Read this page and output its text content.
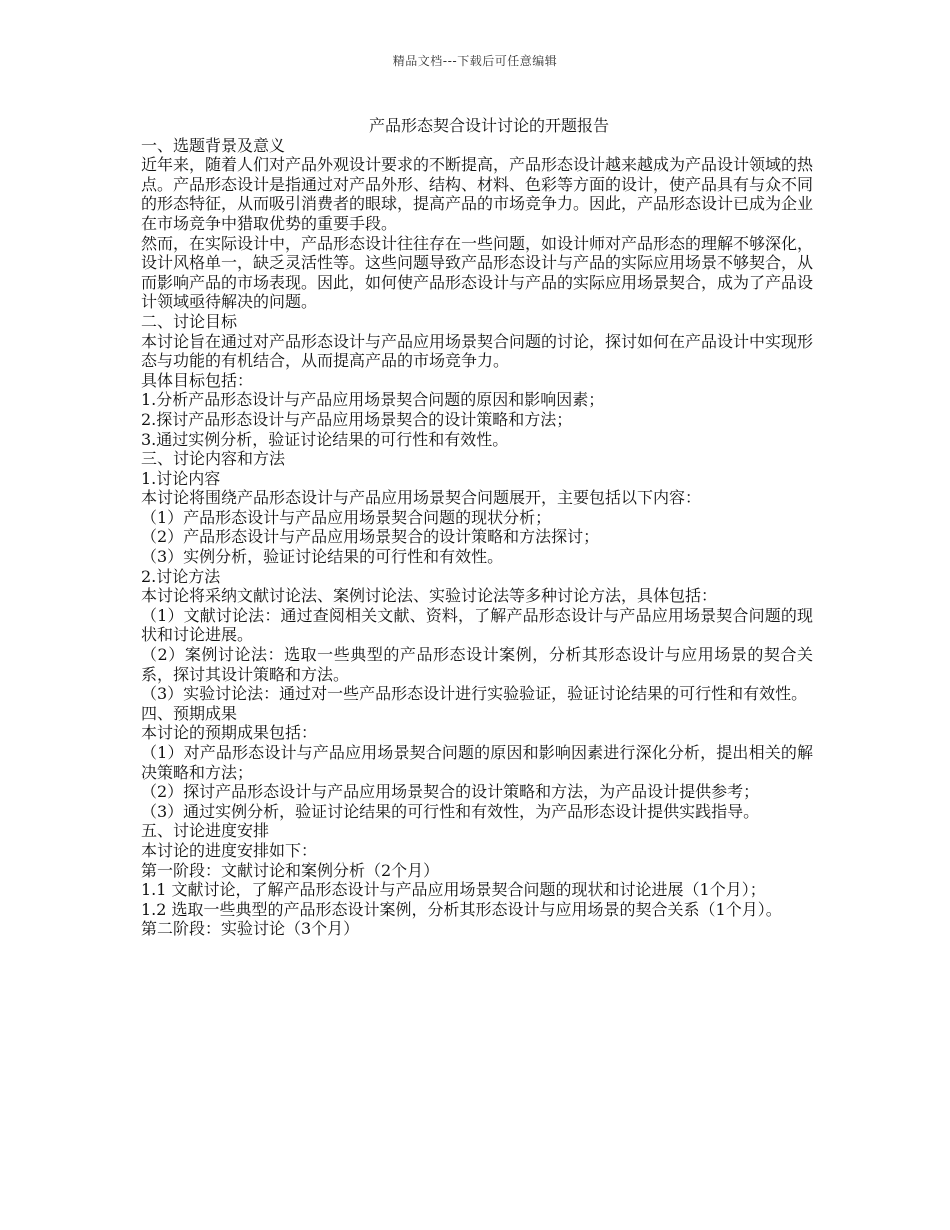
精品文档---下载后可任意编辑
产品形态契合设计讨论的开题报告

一、选题背景及意义

近年来，随着人们对产品外观设计要求的不断提高，产品形态设计越来越成为产品设计领域的热点。产品形态设计是指通过对产品外形、结构、材料、色彩等方面的设计，使产品具有与众不同的形态特征，从而吸引消费者的眼球，提高产品的市场竞争力。因此，产品形态设计已成为企业在市场竞争中猎取优势的重要手段。

然而，在实际设计中，产品形态设计往往存在一些问题，如设计师对产品形态的理解不够深化，设计风格单一，缺乏灵活性等。这些问题导致产品形态设计与产品的实际应用场景不够契合，从而影响产品的市场表现。因此，如何使产品形态设计与产品的实际应用场景契合，成为了产品设计领域亟待解决的问题。

二、讨论目标

本讨论旨在通过对产品形态设计与产品应用场景契合问题的讨论，探讨如何在产品设计中实现形态与功能的有机结合，从而提高产品的市场竞争力。

具体目标包括：

1.分析产品形态设计与产品应用场景契合问题的原因和影响因素；

2.探讨产品形态设计与产品应用场景契合的设计策略和方法；

3.通过实例分析，验证讨论结果的可行性和有效性。

三、讨论内容和方法

1.讨论内容

本讨论将围绕产品形态设计与产品应用场景契合问题展开，主要包括以下内容：

（1）产品形态设计与产品应用场景契合问题的现状分析；

（2）产品形态设计与产品应用场景契合的设计策略和方法探讨；

（3）实例分析，验证讨论结果的可行性和有效性。

2.讨论方法

本讨论将采纳文献讨论法、案例讨论法、实验讨论法等多种讨论方法，具体包括：

（1）文献讨论法：通过查阅相关文献、资料，了解产品形态设计与产品应用场景契合问题的现状和讨论进展。

（2）案例讨论法：选取一些典型的产品形态设计案例，分析其形态设计与应用场景的契合关系，探讨其设计策略和方法。

（3）实验讨论法：通过对一些产品形态设计进行实验验证，验证讨论结果的可行性和有效性。

四、预期成果

本讨论的预期成果包括：

（1）对产品形态设计与产品应用场景契合问题的原因和影响因素进行深化分析，提出相关的解决策略和方法；

（2）探讨产品形态设计与产品应用场景契合的设计策略和方法，为产品设计提供参考；

（3）通过实例分析，验证讨论结果的可行性和有效性，为产品形态设计提供实践指导。

五、讨论进度安排

本讨论的进度安排如下：

第一阶段：文献讨论和案例分析（2个月）

1.1 文献讨论，了解产品形态设计与产品应用场景契合问题的现状和讨论进展（1个月）；

1.2 选取一些典型的产品形态设计案例，分析其形态设计与应用场景的契合关系（1个月）。

第二阶段：实验讨论（3个月）
